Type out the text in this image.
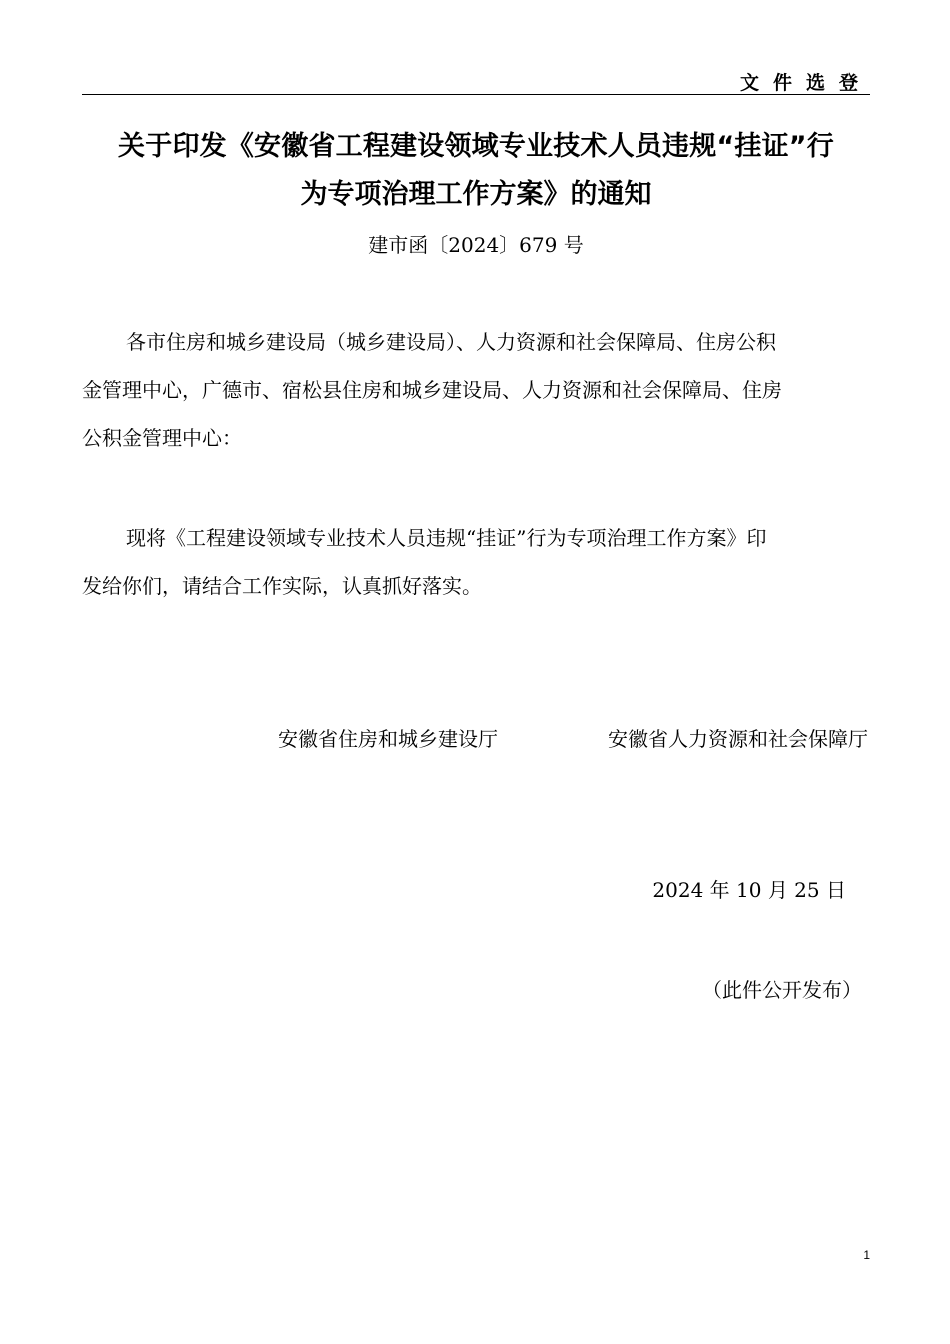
文件选登
关于印发《安徽省工程建设领域专业技术人员违规“挂证”行
为专项治理工作方案》的通知
建市函〔2024〕679 号
各市住房和城乡建设局（城乡建设局）、人力资源和社会保障局、住房公积
金管理中心，广德市、宿松县住房和城乡建设局、人力资源和社会保障局、住房
公积金管理中心：
现将《工程建设领域专业技术人员违规“挂证”行为专项治理工作方案》印
发给你们，请结合工作实际，认真抓好落实。
安徽省住房和城乡建设厅	安徽省人力资源和社会保障厅
2024 年 10 月 25 日
（此件公开发布）
1
